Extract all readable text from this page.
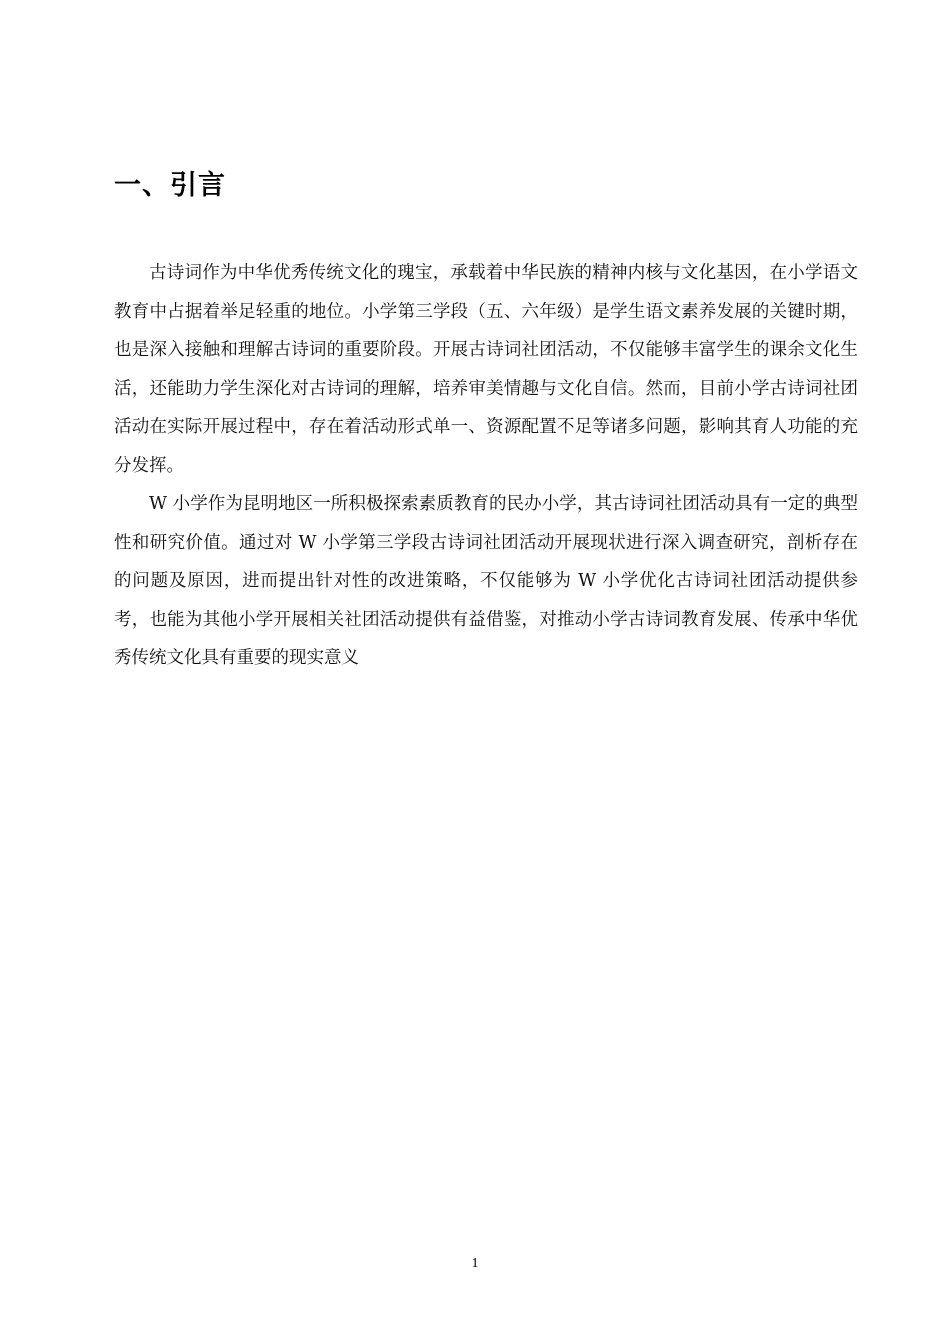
一、引言

古诗词作为中华优秀传统文化的瑰宝，承载着中华民族的精神内核与文化基因，在小学语文教育中占据着举足轻重的地位。小学第三学段（五、六年级）是学生语文素养发展的关键时期，也是深入接触和理解古诗词的重要阶段。开展古诗词社团活动，不仅能够丰富学生的课余文化生活，还能助力学生深化对古诗词的理解，培养审美情趣与文化自信。然而，目前小学古诗词社团活动在实际开展过程中，存在着活动形式单一、资源配置不足等诸多问题，影响其育人功能的充分发挥。

W 小学作为昆明地区一所积极探索素质教育的民办小学，其古诗词社团活动具有一定的典型性和研究价值。通过对 W 小学第三学段古诗词社团活动开展现状进行深入调查研究，剖析存在的问题及原因，进而提出针对性的改进策略，不仅能够为 W 小学优化古诗词社团活动提供参考，也能为其他小学开展相关社团活动提供有益借鉴，对推动小学古诗词教育发展、传承中华优秀传统文化具有重要的现实意义

1
